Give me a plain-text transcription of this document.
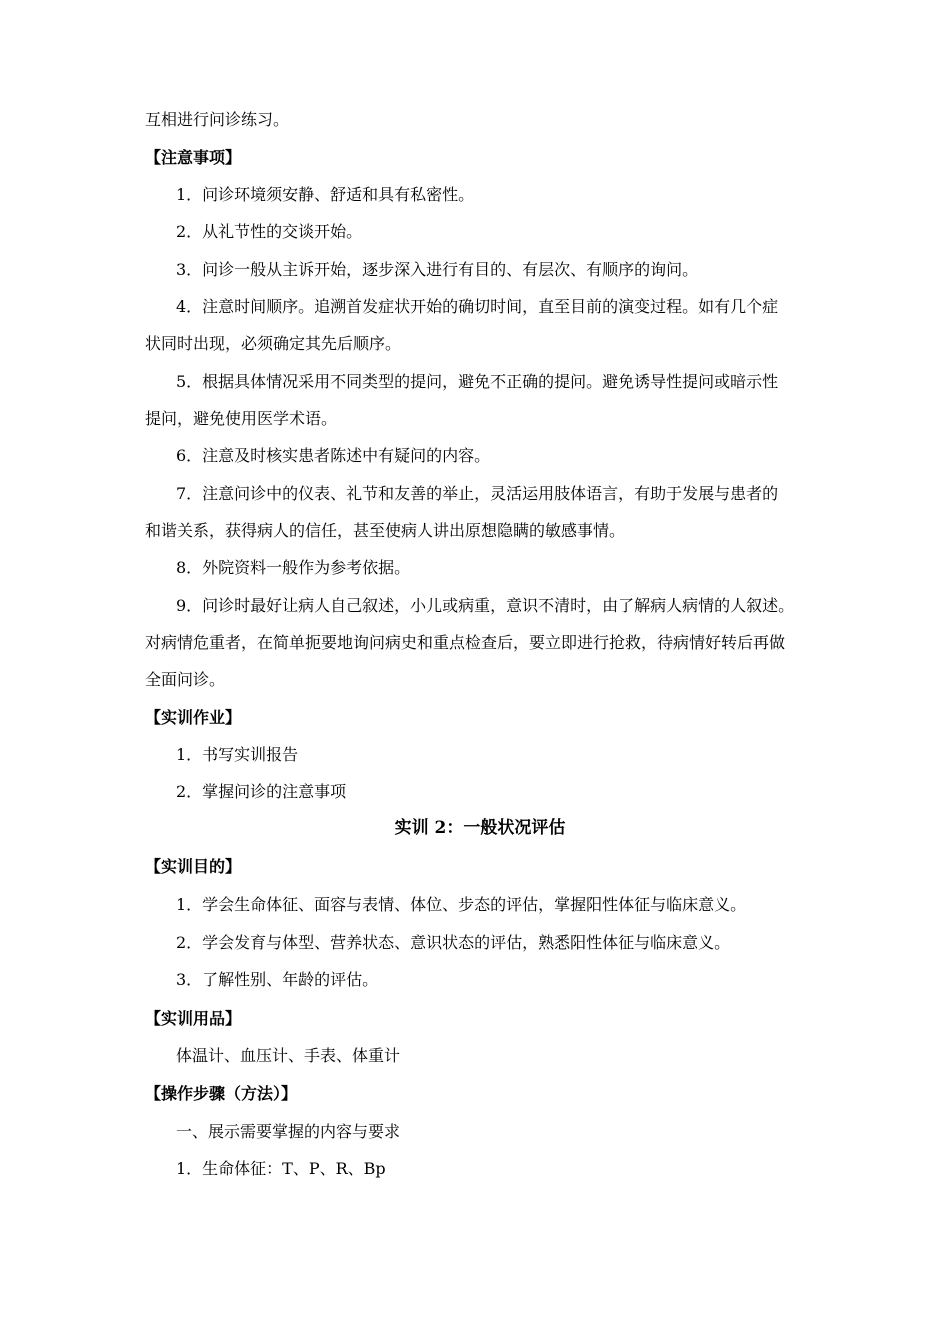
互相进行问诊练习。
【注意事项】
1．问诊环境须安静、舒适和具有私密性。
2．从礼节性的交谈开始。
3．问诊一般从主诉开始，逐步深入进行有目的、有层次、有顺序的询问。
4．注意时间顺序。追溯首发症状开始的确切时间，直至目前的演变过程。如有几个症
状同时出现，必须确定其先后顺序。
5．根据具体情况采用不同类型的提问，避免不正确的提问。避免诱导性提问或暗示性
提问，避免使用医学术语。
6．注意及时核实患者陈述中有疑问的内容。
7．注意问诊中的仪表、礼节和友善的举止，灵活运用肢体语言，有助于发展与患者的
和谐关系，获得病人的信任，甚至使病人讲出原想隐瞒的敏感事情。
8．外院资料一般作为参考依据。
9．问诊时最好让病人自己叙述，小儿或病重，意识不清时，由了解病人病情的人叙述。
对病情危重者，在简单扼要地询问病史和重点检查后，要立即进行抢救，待病情好转后再做
全面问诊。
【实训作业】
1．书写实训报告
2．掌握问诊的注意事项
实训 2：一般状况评估
【实训目的】
1．学会生命体征、面容与表情、体位、步态的评估，掌握阳性体征与临床意义。
2．学会发育与体型、营养状态、意识状态的评估，熟悉阳性体征与临床意义。
3．了解性别、年龄的评估。
【实训用品】
体温计、血压计、手表、体重计
【操作步骤（方法）】
一、展示需要掌握的内容与要求
1．生命体征：T、P、R、Bp
